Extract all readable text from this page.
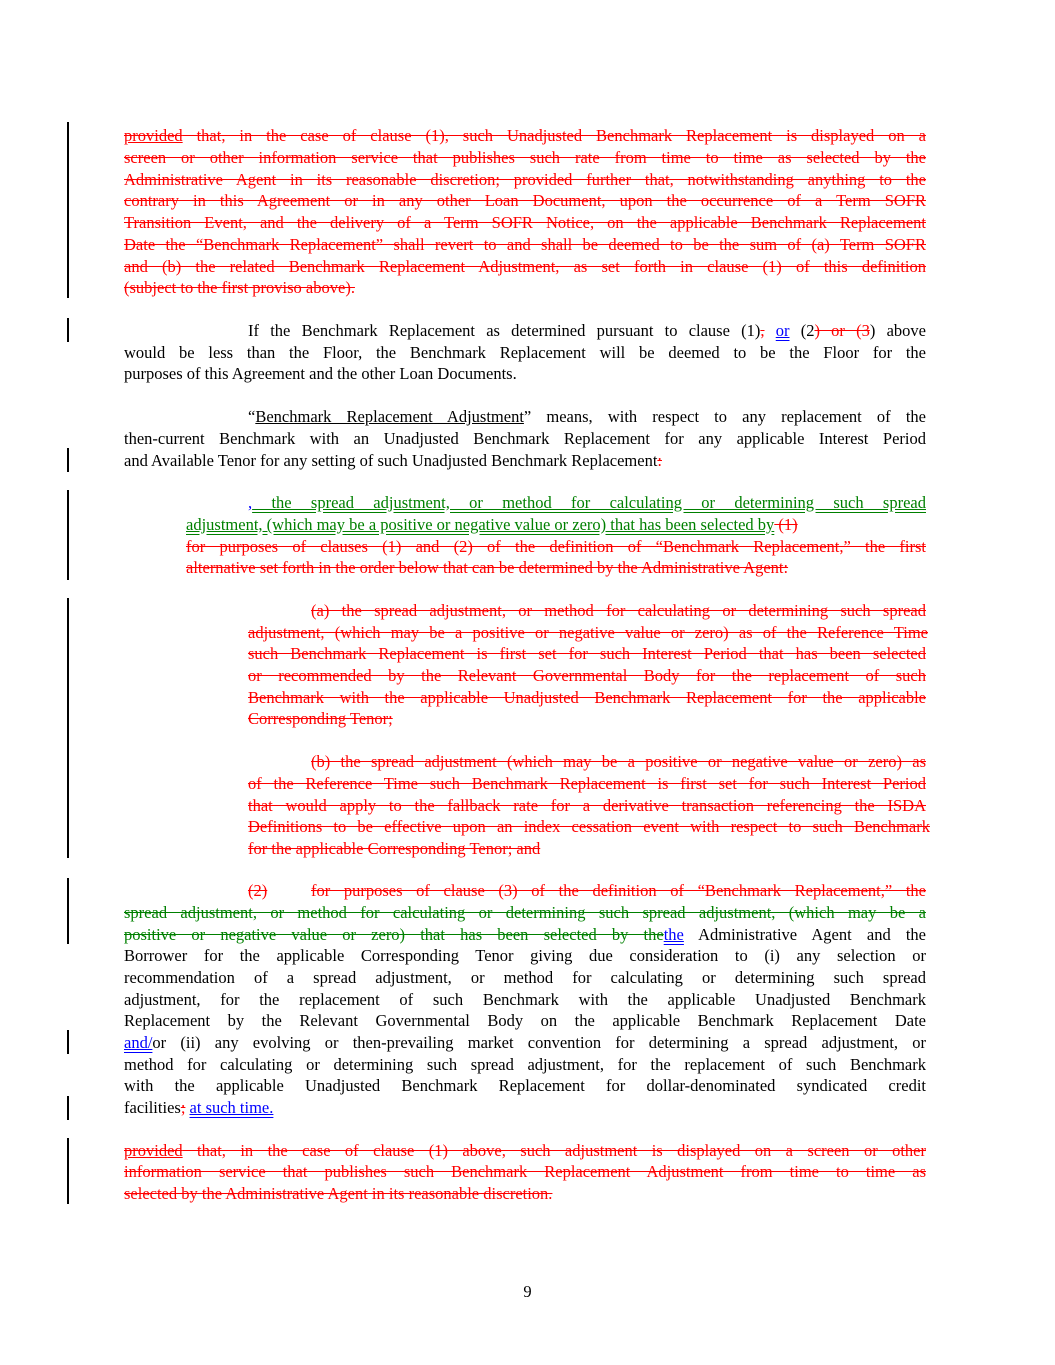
provided that, in the case of clause (1), such Unadjusted Benchmark Replacement is displayed on a
screen or other information service that publishes such rate from time to time as selected by the
Administrative Agent in its reasonable discretion; provided further that, notwithstanding anything to the
contrary in this Agreement or in any other Loan Document, upon the occurrence of a Term SOFR
Transition Event, and the delivery of a Term SOFR Notice, on the applicable Benchmark Replacement
Date the “Benchmark Replacement” shall revert to and shall be deemed to be the sum of (a) Term SOFR
and (b) the related Benchmark Replacement Adjustment, as set forth in clause (1) of this definition
(subject to the first proviso above).
If the Benchmark Replacement as determined pursuant to clause (1), or (2) or (3) above
would be less than the Floor, the Benchmark Replacement will be deemed to be the Floor for the
purposes of this Agreement and the other Loan Documents.
“Benchmark Replacement Adjustment” means, with respect to any replacement of the
then-current Benchmark with an Unadjusted Benchmark Replacement for any applicable Interest Period
and Available Tenor for any setting of such Unadjusted Benchmark Replacement:
, the spread adjustment, or method for calculating or determining such spread
adjustment, (which may be a positive or negative value or zero) that has been selected by (1)
for purposes of clauses (1) and (2) of the definition of “Benchmark Replacement,” the first
alternative set forth in the order below that can be determined by the Administrative Agent:
(a) the spread adjustment, or method for calculating or determining such spread
adjustment, (which may be a positive or negative value or zero) as of the Reference Time
such Benchmark Replacement is first set for such Interest Period that has been selected
or recommended by the Relevant Governmental Body for the replacement of such
Benchmark with the applicable Unadjusted Benchmark Replacement for the applicable
Corresponding Tenor;
(b) the spread adjustment (which may be a positive or negative value or zero) as
of the Reference Time such Benchmark Replacement is first set for such Interest Period
that would apply to the fallback rate for a derivative transaction referencing the ISDA
Definitions to be effective upon an index cessation event with respect to such Benchmark
for the applicable Corresponding Tenor; and
(2)	for purposes of clause (3) of the definition of “Benchmark Replacement,” the
spread adjustment, or method for calculating or determining such spread adjustment, (which may be a
positive or negative value or zero) that has been selected by thethe Administrative Agent and the
Borrower for the applicable Corresponding Tenor giving due consideration to (i) any selection or
recommendation of a spread adjustment, or method for calculating or determining such spread
adjustment, for the replacement of such Benchmark with the applicable Unadjusted Benchmark
Replacement by the Relevant Governmental Body on the applicable Benchmark Replacement Date
and/or (ii) any evolving or then-prevailing market convention for determining a spread adjustment, or
method for calculating or determining such spread adjustment, for the replacement of such Benchmark
with the applicable Unadjusted Benchmark Replacement for dollar-denominated syndicated credit
facilities; at such time.
provided that, in the case of clause (1) above, such adjustment is displayed on a screen or other
information service that publishes such Benchmark Replacement Adjustment from time to time as
selected by the Administrative Agent in its reasonable discretion.
9
